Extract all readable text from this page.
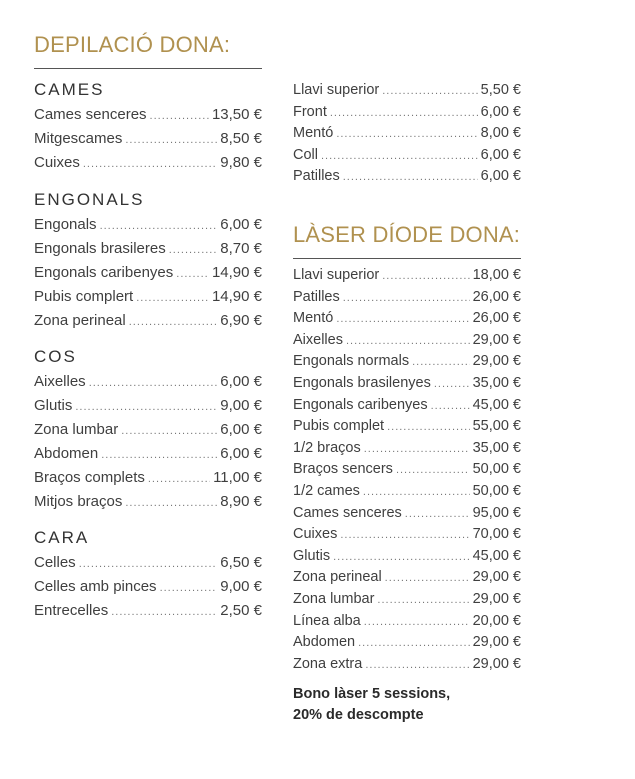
DEPILACIÓ DONA:
CAMES
Cames senceres .....	13,50 €
Mitgescames .....	8,50 €
Cuixes .....	9,80 €
ENGONALS
Engonals .....	6,00 €
Engonals brasileres .....	8,70 €
Engonals caribenyes .....	14,90 €
Pubis complert .....	14,90 €
Zona perineal .....	6,90 €
COS
Aixelles .....	6,00 €
Glutis .....	9,00 €
Zona lumbar .....	6,00 €
Abdomen .....	6,00 €
Braços complets .....	11,00 €
Mitjos braços .....	8,90 €
CARA
Celles .....	6,50 €
Celles amb pinces .....	9,00 €
Entrecelles .....	2,50 €
Llavi superior .....	5,50 €
Front .....	6,00 €
Mentó .....	8,00 €
Coll .....	6,00 €
Patilles .....	6,00 €
LÀSER DÍODE DONA:
Llavi superior .....	18,00 €
Patilles .....	26,00 €
Mentó .....	26,00 €
Aixelles .....	29,00 €
Engonals normals .....	29,00 €
Engonals brasilenyes .....	35,00 €
Engonals caribenyes .....	45,00 €
Pubis complet .....	55,00 €
1/2 braços .....	35,00 €
Braços sencers .....	50,00 €
1/2 cames .....	50,00 €
Cames senceres .....	95,00 €
Cuixes .....	70,00 €
Glutis .....	45,00 €
Zona perineal .....	29,00 €
Zona lumbar .....	29,00 €
Línea alba .....	20,00 €
Abdomen .....	29,00 €
Zona extra .....	29,00 €
Bono làser 5 sessions,
20% de descompte
